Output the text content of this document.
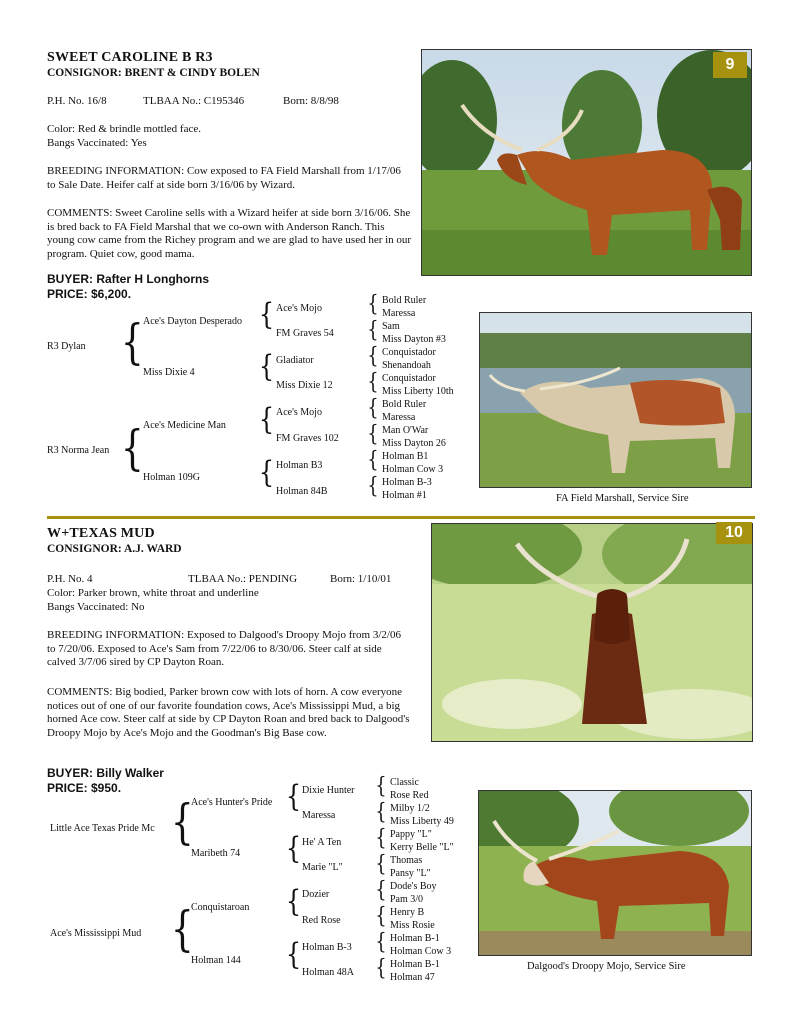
SWEET CAROLINE B R3
CONSIGNOR: BRENT & CINDY BOLEN
P.H. No. 16/8	TLBAA No.: C195346	Born: 8/8/98
Color: Red & brindle mottled face.
Bangs Vaccinated: Yes
BREEDING INFORMATION: Cow exposed to FA Field Marshall from 1/17/06 to Sale Date. Heifer calf at side born 3/16/06 by Wizard.
COMMENTS: Sweet Caroline sells with a Wizard heifer at side born 3/16/06. She is bred back to FA Field Marshal that we co-own with Anderson Ranch. This young cow came from the Richey program and we are glad to have used her in our program. Quiet cow, good mama.
BUYER: Rafter H Longhorns
PRICE: $6,200.
9
R3 Dylan
R3 Norma Jean
{
{
Ace's Dayton Desperado
Miss Dixie 4
Ace's Medicine Man
Holman 109G
{
{
{
{
Ace's Mojo
FM Graves 54
Gladiator
Miss Dixie 12
Ace's Mojo
FM Graves 102
Holman B3
Holman 84B
{
{
{
{
{
{
{
{
Bold Ruler
Maressa
Sam
Miss Dayton #3
Conquistador
Shenandoah
Conquistador
Miss Liberty 10th
Bold Ruler
Maressa
Man O'War
Miss Dayton 26
Holman B1
Holman Cow 3
Holman B-3
Holman #1	FA Field Marshall, Service Sire
W+TEXAS MUD
CONSIGNOR: A.J. WARD
P.H. No. 4	TLBAA No.: PENDING	Born: 1/10/01
Color: Parker brown, white throat and underline
Bangs Vaccinated: No
BREEDING INFORMATION: Exposed to Dalgood's Droopy Mojo from 3/2/06 to 7/20/06. Exposed to Ace's Sam from 7/22/06 to 8/30/06. Steer calf at side calved 3/7/06 sired by CP Dayton Roan.
COMMENTS: Big bodied, Parker brown cow with lots of horn. A cow everyone notices out of one of our favorite foundation cows, Ace's Mississippi Mud, a big horned Ace cow. Steer calf at side by CP Dayton Roan and bred back to Dalgood's Droopy Mojo by Ace's Mojo and the Goodman's Big Base cow.
BUYER: Billy Walker
PRICE: $950.
10
Little Ace Texas Pride Mc
Ace's Mississippi Mud
{
{
Ace's Hunter's Pride
Maribeth 74
Conquistaroan
Holman 144
{
{
{
{
Dixie Hunter
Maressa
He' A Ten
Marie "L"
Dozier
Red Rose
Holman B-3
Holman 48A
{
{
{
{
{
{
{
{
Classic
Rose Red
Milby 1/2
Miss Liberty 49
Pappy "L"
Kerry Belle "L"
Thomas
Pansy "L"
Dode's Boy
Pam 3/0
Henry B
Miss Rosie
Holman B-1
Holman Cow 3
Holman B-1
Holman 47
Dalgood's Droopy Mojo, Service Sire
